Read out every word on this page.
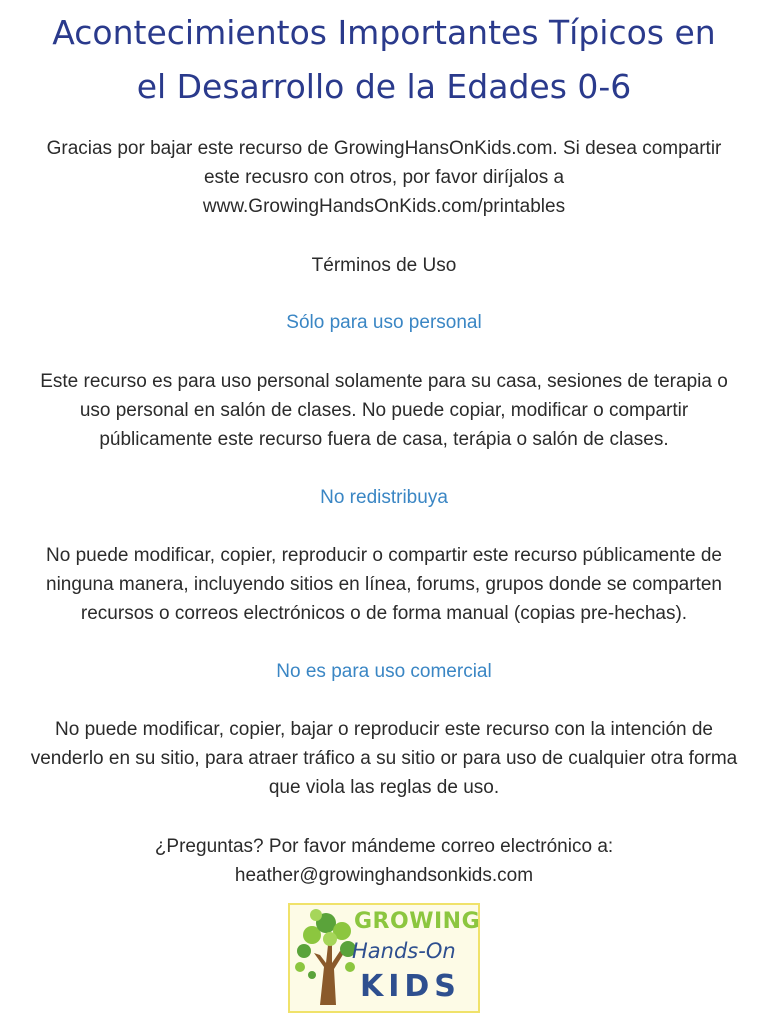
Acontecimientos Importantes Típicos en
el Desarrollo de la Edades 0-6

Gracias por bajar este recurso de GrowingHansOnKids.com. Si desea compartir
este recusro con otros, por favor diríjalos a
www.GrowingHandsOnKids.com/printables

Términos de Uso

Sólo para uso personal

Este recurso es para uso personal solamente para su casa, sesiones de terapia o
uso personal en salón de clases. No puede copiar, modificar o compartir
públicamente este recurso fuera de casa, terápia o salón de clases.

No redistribuya

No puede modificar, copier, reproducir o compartir este recurso públicamente de
ninguna manera, incluyendo sitios en línea, forums, grupos donde se comparten
recursos o correos electrónicos o de forma manual (copias pre-hechas).

No es para uso comercial

No puede modificar, copier, bajar o reproducir este recurso con la intención de
venderlo en su sitio, para atraer tráfico a su sitio or para uso de cualquier otra forma
que viola las reglas de uso.

¿Preguntas? Por favor mándeme correo electrónico a:
heather@growinghandsonkids.com

GROWING
Hands-On
KIDS
